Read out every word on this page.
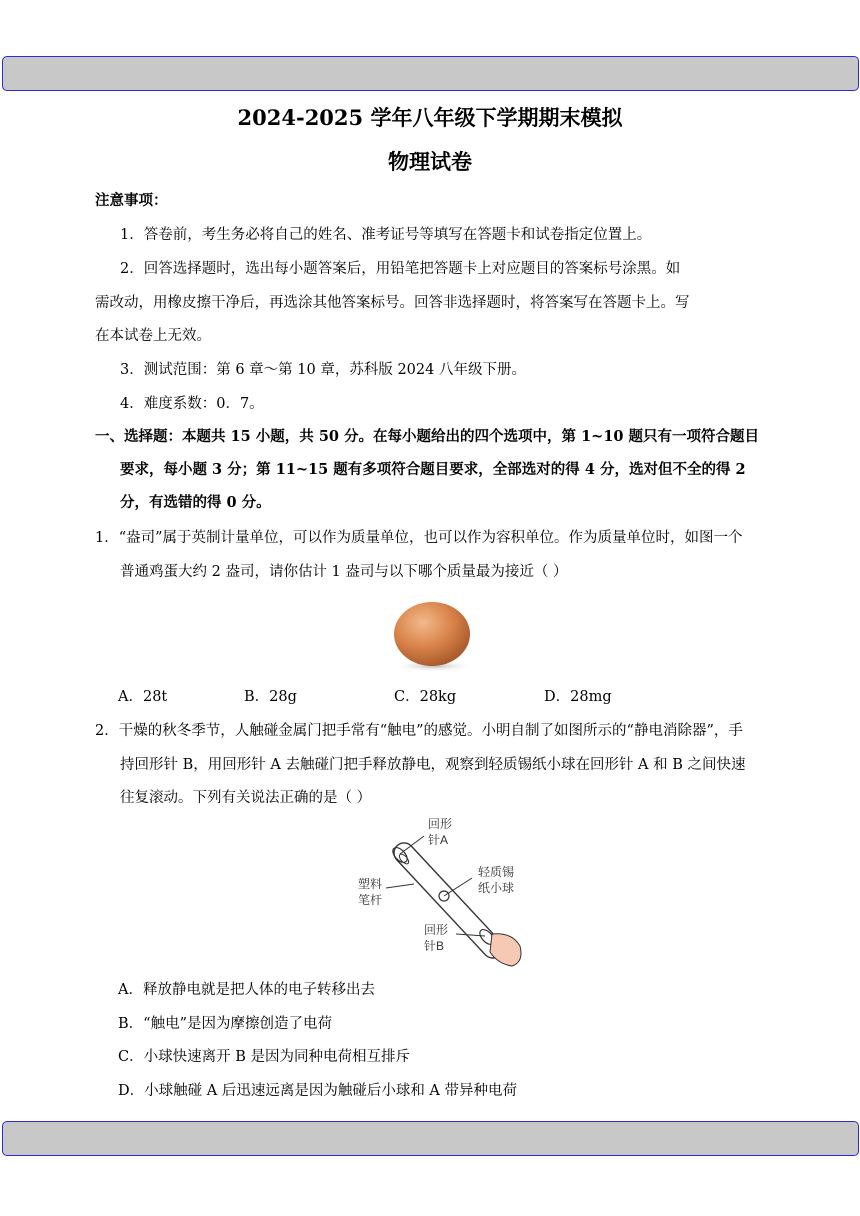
2024-2025 学年八年级下学期期末模拟
物理试卷
注意事项：
1．答卷前，考生务必将自己的姓名、准考证号等填写在答题卡和试卷指定位置上。
2．回答选择题时，选出每小题答案后，用铅笔把答题卡上对应题目的答案标号涂黑。如
需改动，用橡皮擦干净后，再选涂其他答案标号。回答非选择题时，将答案写在答题卡上。写
在本试卷上无效。
3．测试范围：第 6 章～第 10 章，苏科版 2024 八年级下册。
4．难度系数：0．7。
一、选择题：本题共 15 小题，共 50 分。在每小题给出的四个选项中，第 1~10 题只有一项符合题目
要求，每小题 3 分；第 11~15 题有多项符合题目要求，全部选对的得 4 分，选对但不全的得 2
分，有选错的得 0 分。
1．“盎司”属于英制计量单位，可以作为质量单位，也可以作为容积单位。作为质量单位时，如图一个
普通鸡蛋大约 2 盎司，请你估计 1 盎司与以下哪个质量最为接近（ ）
A．28t	B．28g	C．28kg	D．28mg
2．干燥的秋冬季节，人触碰金属门把手常有“触电”的感觉。小明自制了如图所示的“静电消除器”，手
持回形针 B，用回形针 A 去触碰门把手释放静电，观察到轻质锡纸小球在回形针 A 和 B 之间快速
往复滚动。下列有关说法正确的是（ ）
回形
针A
轻质锡
纸小球
塑料
笔杆
回形
针B
A．释放静电就是把人体的电子转移出去
B．“触电”是因为摩擦创造了电荷
C．小球快速离开 B 是因为同种电荷相互排斥
D．小球触碰 A 后迅速远离是因为触碰后小球和 A 带异种电荷
